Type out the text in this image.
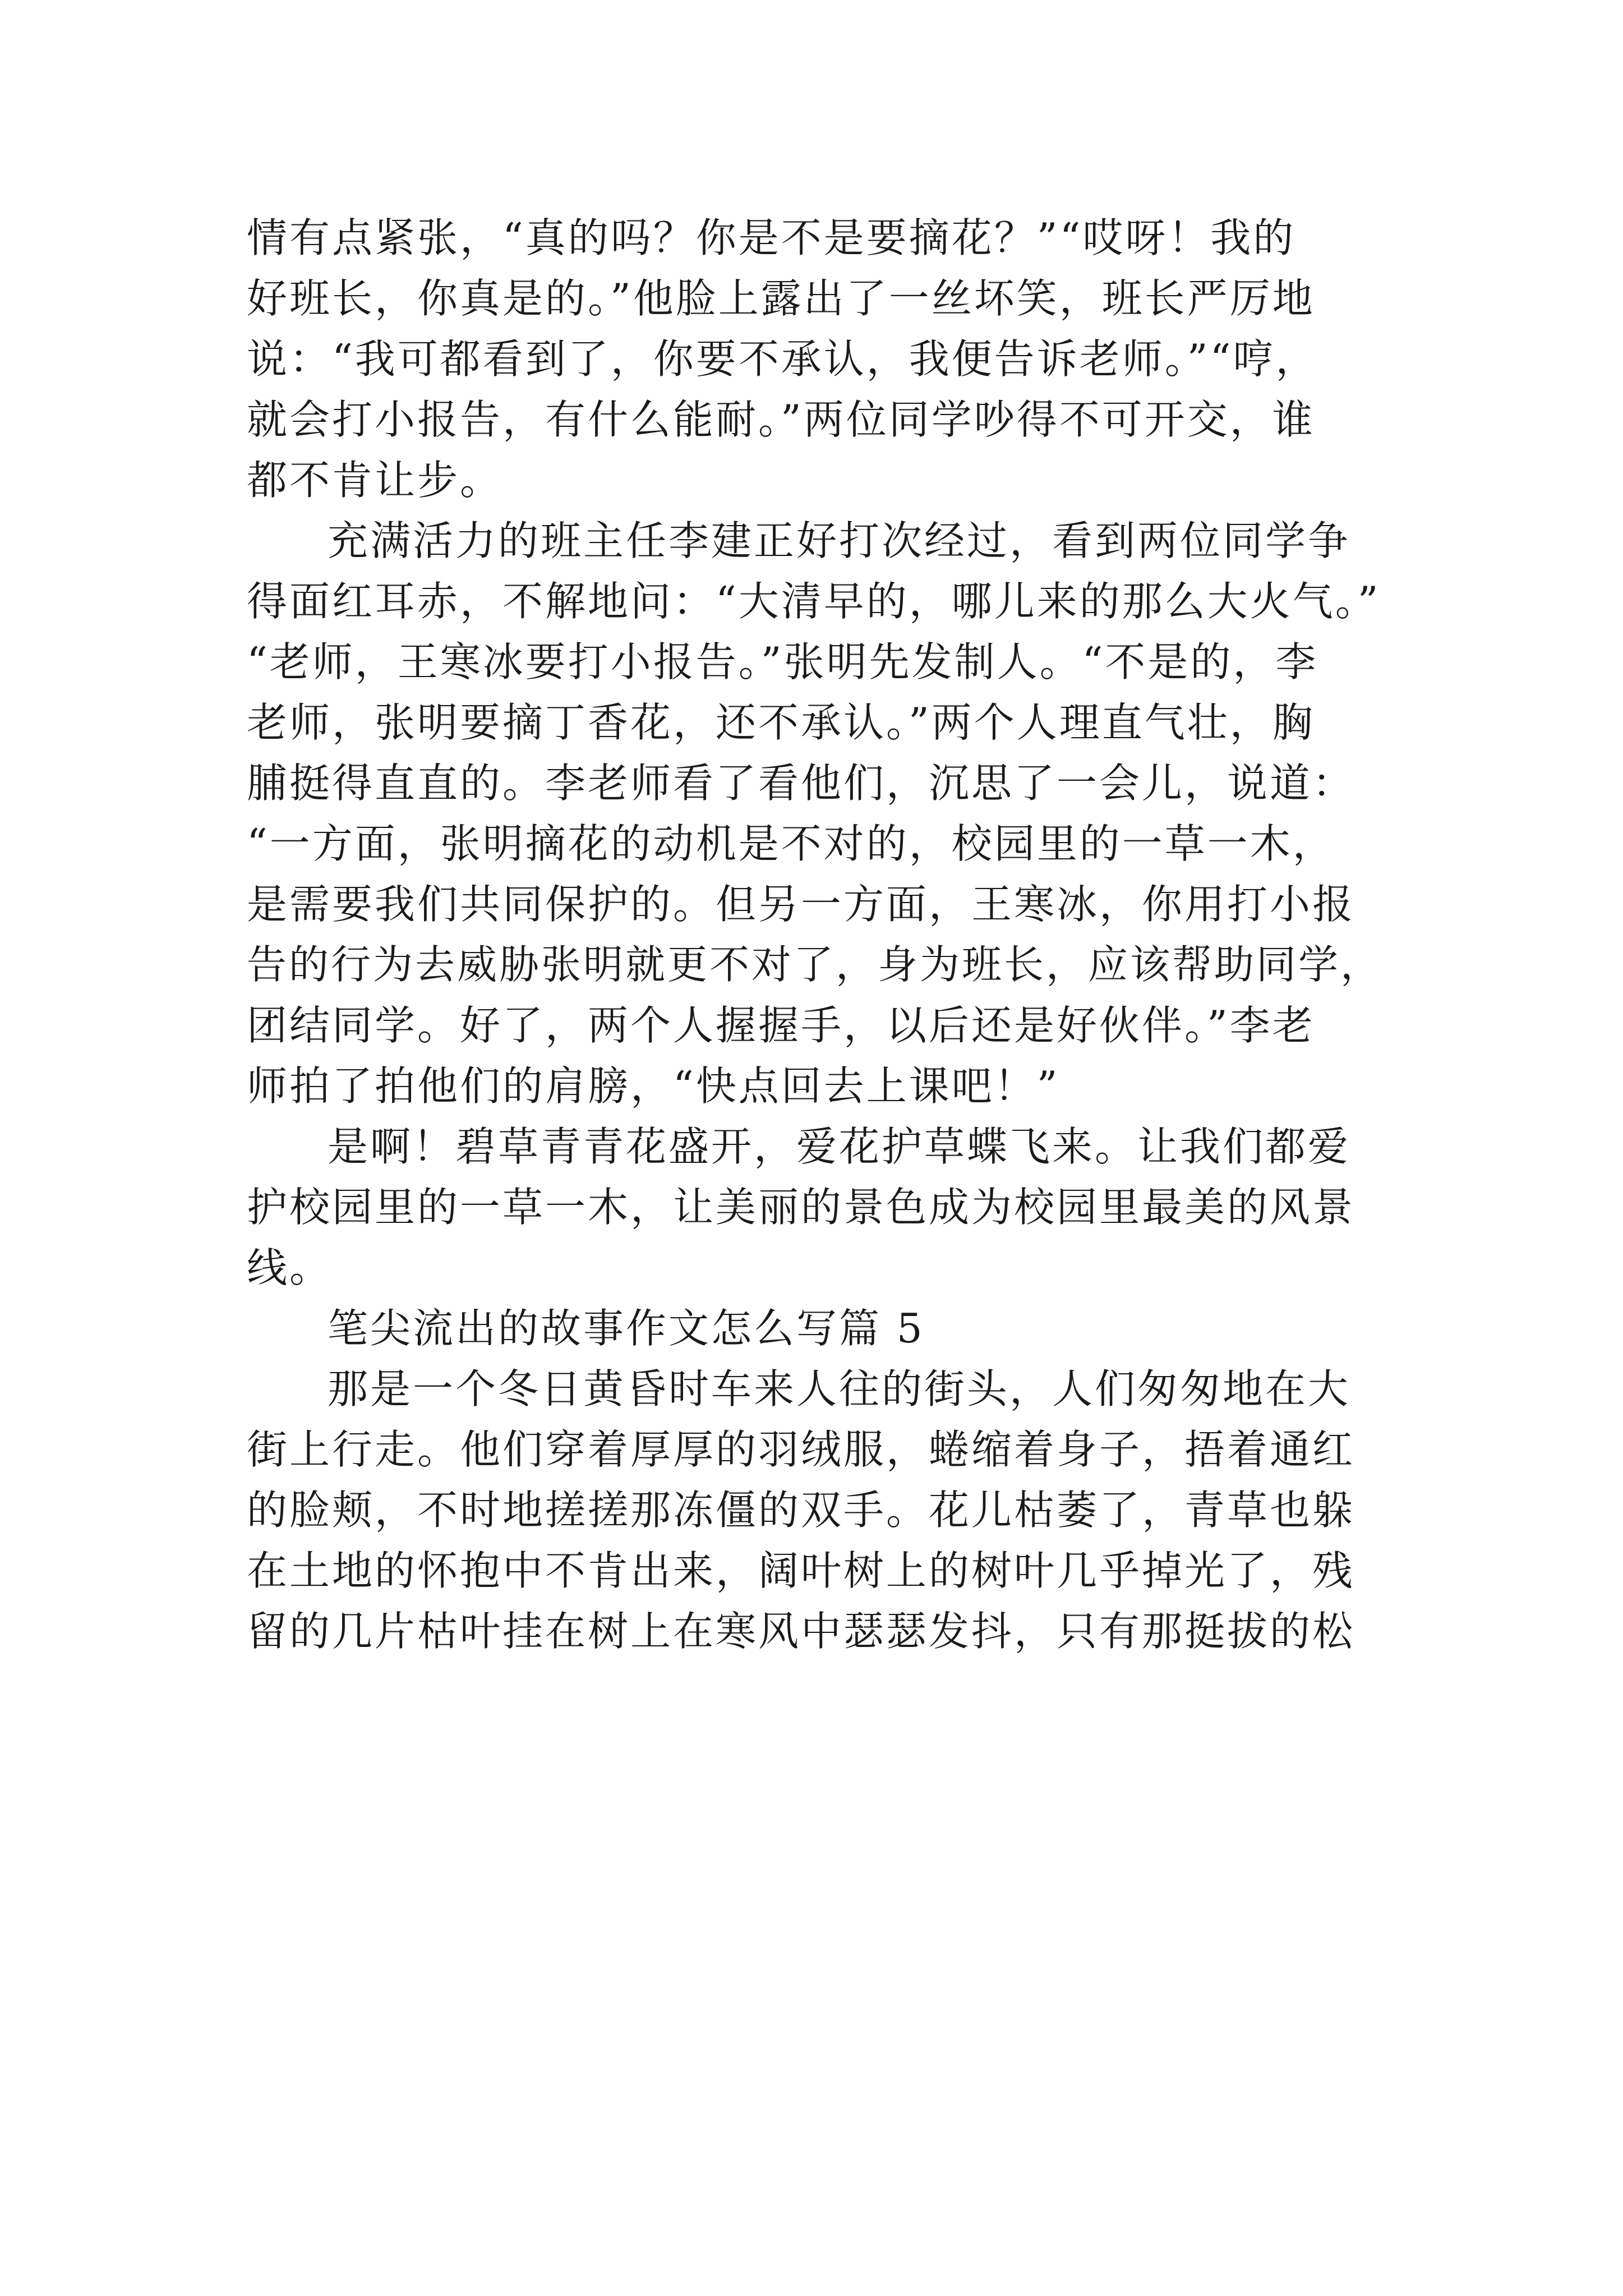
情有点紧张，“真的吗？你是不是要摘花？”“哎呀！我的
好班长，你真是的。”他脸上露出了一丝坏笑，班长严厉地
说：“我可都看到了，你要不承认，我便告诉老师。”“哼，
就会打小报告，有什么能耐。”两位同学吵得不可开交，谁
都不肯让步。
充满活力的班主任李建正好打次经过，看到两位同学争
得面红耳赤，不解地问：“大清早的，哪儿来的那么大火气。”
“老师，王寒冰要打小报告。”张明先发制人。“不是的，李
老师，张明要摘丁香花，还不承认。”两个人理直气壮，胸
脯挺得直直的。李老师看了看他们，沉思了一会儿，说道：
“一方面，张明摘花的动机是不对的，校园里的一草一木，
是需要我们共同保护的。但另一方面，王寒冰，你用打小报
告的行为去威胁张明就更不对了，身为班长，应该帮助同学，
团结同学。好了，两个人握握手，以后还是好伙伴。”李老
师拍了拍他们的肩膀，“快点回去上课吧！”
是啊！碧草青青花盛开，爱花护草蝶飞来。让我们都爱
护校园里的一草一木，让美丽的景色成为校园里最美的风景
线。
笔尖流出的故事作文怎么写篇 5
那是一个冬日黄昏时车来人往的街头，人们匆匆地在大
街上行走。他们穿着厚厚的羽绒服，蜷缩着身子，捂着通红
的脸颊，不时地搓搓那冻僵的双手。花儿枯萎了，青草也躲
在土地的怀抱中不肯出来，阔叶树上的树叶几乎掉光了，残
留的几片枯叶挂在树上在寒风中瑟瑟发抖，只有那挺拔的松
